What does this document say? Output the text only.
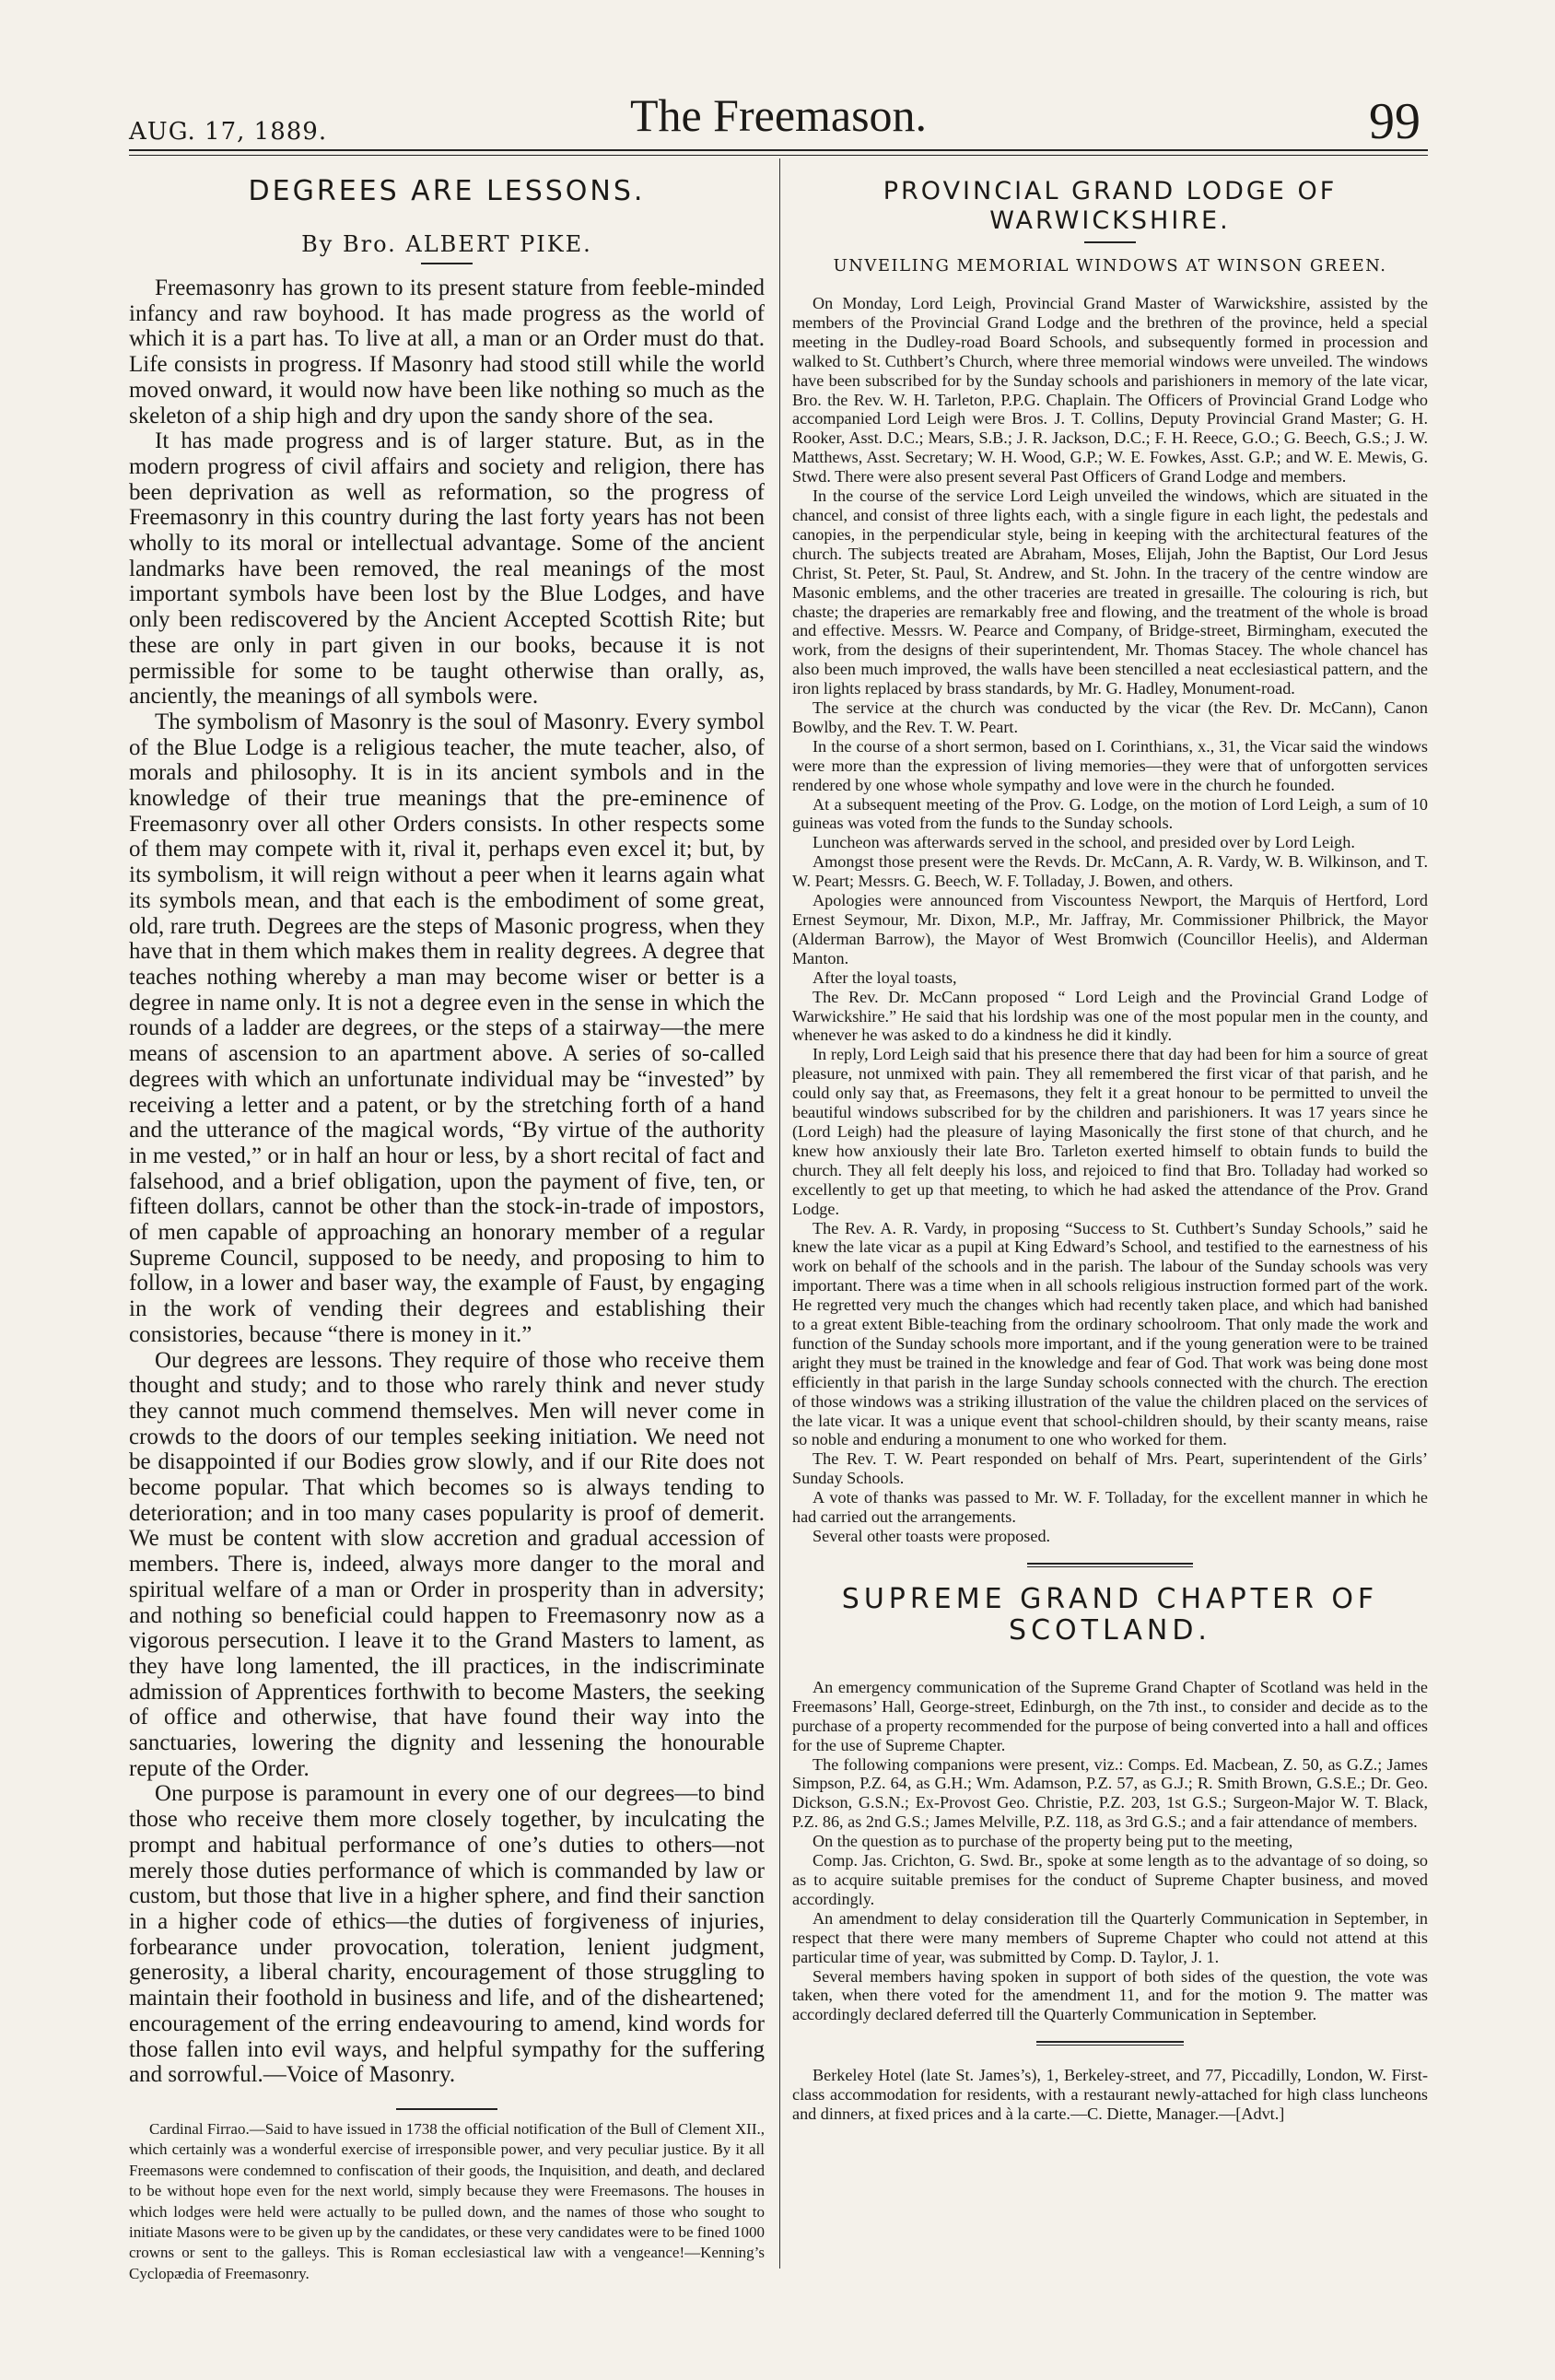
AUG. 17, 1889.	The Freemason.	99
DEGREES ARE LESSONS.
By Bro. ALBERT PIKE.

Freemasonry has grown to its present stature from feeble-minded infancy and raw boyhood. It has made progress as the world of which it is a part has. To live at all, a man or an Order must do that. Life consists in progress. If Masonry had stood still while the world moved onward, it would now have been like nothing so much as the skeleton of a ship high and dry upon the sandy shore of the sea.

It has made progress and is of larger stature. But, as in the modern progress of civil affairs and society and religion, there has been deprivation as well as reformation, so the progress of Freemasonry in this country during the last forty years has not been wholly to its moral or intellectual advantage. Some of the ancient landmarks have been removed, the real meanings of the most important symbols have been lost by the Blue Lodges, and have only been rediscovered by the Ancient Accepted Scottish Rite; but these are only in part given in our books, because it is not permissible for some to be taught otherwise than orally, as, anciently, the meanings of all symbols were.

The symbolism of Masonry is the soul of Masonry. Every symbol of the Blue Lodge is a religious teacher, the mute teacher, also, of morals and philosophy. It is in its ancient symbols and in the knowledge of their true meanings that the pre-eminence of Freemasonry over all other Orders consists. In other respects some of them may compete with it, rival it, perhaps even excel it; but, by its symbolism, it will reign without a peer when it learns again what its symbols mean, and that each is the embodiment of some great, old, rare truth. Degrees are the steps of Masonic progress, when they have that in them which makes them in reality degrees. A degree that teaches nothing whereby a man may become wiser or better is a degree in name only. It is not a degree even in the sense in which the rounds of a ladder are degrees, or the steps of a stairway—the mere means of ascension to an apartment above. A series of so-called degrees with which an unfortunate individual may be “invested” by receiving a letter and a patent, or by the stretching forth of a hand and the utterance of the magical words, “By virtue of the authority in me vested,” or in half an hour or less, by a short recital of fact and falsehood, and a brief obligation, upon the payment of five, ten, or fifteen dollars, cannot be other than the stock-in-trade of impostors, of men capable of approaching an honorary member of a regular Supreme Council, supposed to be needy, and proposing to him to follow, in a lower and baser way, the example of Faust, by engaging in the work of vending their degrees and establishing their consistories, because “there is money in it.”

Our degrees are lessons. They require of those who receive them thought and study; and to those who rarely think and never study they cannot much commend themselves. Men will never come in crowds to the doors of our temples seeking initiation. We need not be disappointed if our Bodies grow slowly, and if our Rite does not become popular. That which becomes so is always tending to deterioration; and in too many cases popularity is proof of demerit. We must be content with slow accretion and gradual accession of members. There is, indeed, always more danger to the moral and spiritual welfare of a man or Order in prosperity than in adversity; and nothing so beneficial could happen to Freemasonry now as a vigorous persecution. I leave it to the Grand Masters to lament, as they have long lamented, the ill practices, in the indiscriminate admission of Apprentices forthwith to become Masters, the seeking of office and otherwise, that have found their way into the sanctuaries, lowering the dignity and lessening the honourable repute of the Order.

One purpose is paramount in every one of our degrees—to bind those who receive them more closely together, by inculcating the prompt and habitual performance of one’s duties to others—not merely those duties performance of which is commanded by law or custom, but those that live in a higher sphere, and find their sanction in a higher code of ethics—the duties of forgiveness of injuries, forbearance under provocation, toleration, lenient judgment, generosity, a liberal charity, encouragement of those struggling to maintain their foothold in business and life, and of the disheartened; encouragement of the erring endeavouring to amend, kind words for those fallen into evil ways, and helpful sympathy for the suffering and sorrowful.—Voice of Masonry.

Cardinal Firrao.—Said to have issued in 1738 the official notification of the Bull of Clement XII., which certainly was a wonderful exercise of irresponsible power, and very peculiar justice. By it all Freemasons were condemned to confiscation of their goods, the Inquisition, and death, and declared to be without hope even for the next world, simply because they were Freemasons. The houses in which lodges were held were actually to be pulled down, and the names of those who sought to initiate Masons were to be given up by the candidates, or these very candidates were to be fined 1000 crowns or sent to the galleys. This is Roman ecclesiastical law with a vengeance!—Kenning’s Cyclopædia of Freemasonry.

PROVINCIAL GRAND LODGE OF WARWICKSHIRE.
UNVEILING MEMORIAL WINDOWS AT WINSON GREEN.

On Monday, Lord Leigh, Provincial Grand Master of Warwickshire, assisted by the members of the Provincial Grand Lodge and the brethren of the province, held a special meeting in the Dudley-road Board Schools, and subsequently formed in procession and walked to St. Cuthbert’s Church, where three memorial windows were unveiled. The windows have been subscribed for by the Sunday schools and parishioners in memory of the late vicar, Bro. the Rev. W. H. Tarleton, P.P.G. Chaplain. The Officers of Provincial Grand Lodge who accompanied Lord Leigh were Bros. J. T. Collins, Deputy Provincial Grand Master; G. H. Rooker, Asst. D.C.; Mears, S.B.; J. R. Jackson, D.C.; F. H. Reece, G.O.; G. Beech, G.S.; J. W. Matthews, Asst. Secretary; W. H. Wood, G.P.; W. E. Fowkes, Asst. G.P.; and W. E. Mewis, G. Stwd. There were also present several Past Officers of Grand Lodge and members.

In the course of the service Lord Leigh unveiled the windows, which are situated in the chancel, and consist of three lights each, with a single figure in each light, the pedestals and canopies, in the perpendicular style, being in keeping with the architectural features of the church. The subjects treated are Abraham, Moses, Elijah, John the Baptist, Our Lord Jesus Christ, St. Peter, St. Paul, St. Andrew, and St. John. In the tracery of the centre window are Masonic emblems, and the other traceries are treated in gresaille. The colouring is rich, but chaste; the draperies are remarkably free and flowing, and the treatment of the whole is broad and effective. Messrs. W. Pearce and Company, of Bridge-street, Birmingham, executed the work, from the designs of their superintendent, Mr. Thomas Stacey. The whole chancel has also been much improved, the walls have been stencilled a neat ecclesiastical pattern, and the iron lights replaced by brass standards, by Mr. G. Hadley, Monument-road.

The service at the church was conducted by the vicar (the Rev. Dr. McCann), Canon Bowlby, and the Rev. T. W. Peart.

In the course of a short sermon, based on I. Corinthians, x., 31, the Vicar said the windows were more than the expression of living memories—they were that of unforgotten services rendered by one whose whole sympathy and love were in the church he founded.

At a subsequent meeting of the Prov. G. Lodge, on the motion of Lord Leigh, a sum of 10 guineas was voted from the funds to the Sunday schools.

Luncheon was afterwards served in the school, and presided over by Lord Leigh.

Amongst those present were the Revds. Dr. McCann, A. R. Vardy, W. B. Wilkinson, and T. W. Peart; Messrs. G. Beech, W. F. Tolladay, J. Bowen, and others.

Apologies were announced from Viscountess Newport, the Marquis of Hertford, Lord Ernest Seymour, Mr. Dixon, M.P., Mr. Jaffray, Mr. Commissioner Philbrick, the Mayor (Alderman Barrow), the Mayor of West Bromwich (Councillor Heelis), and Alderman Manton.

After the loyal toasts,

The Rev. Dr. McCann proposed “ Lord Leigh and the Provincial Grand Lodge of Warwickshire.” He said that his lordship was one of the most popular men in the county, and whenever he was asked to do a kindness he did it kindly.

In reply, Lord Leigh said that his presence there that day had been for him a source of great pleasure, not unmixed with pain. They all remembered the first vicar of that parish, and he could only say that, as Freemasons, they felt it a great honour to be permitted to unveil the beautiful windows subscribed for by the children and parishioners. It was 17 years since he (Lord Leigh) had the pleasure of laying Masonically the first stone of that church, and he knew how anxiously their late Bro. Tarleton exerted himself to obtain funds to build the church. They all felt deeply his loss, and rejoiced to find that Bro. Tolladay had worked so excellently to get up that meeting, to which he had asked the attendance of the Prov. Grand Lodge.

The Rev. A. R. Vardy, in proposing “Success to St. Cuthbert’s Sunday Schools,” said he knew the late vicar as a pupil at King Edward’s School, and testified to the earnestness of his work on behalf of the schools and in the parish. The labour of the Sunday schools was very important. There was a time when in all schools religious instruction formed part of the work. He regretted very much the changes which had recently taken place, and which had banished to a great extent Bible-teaching from the ordinary schoolroom. That only made the work and function of the Sunday schools more important, and if the young generation were to be trained aright they must be trained in the knowledge and fear of God. That work was being done most efficiently in that parish in the large Sunday schools connected with the church. The erection of those windows was a striking illustration of the value the children placed on the services of the late vicar. It was a unique event that school-children should, by their scanty means, raise so noble and enduring a monument to one who worked for them.

The Rev. T. W. Peart responded on behalf of Mrs. Peart, superintendent of the Girls’ Sunday Schools.

A vote of thanks was passed to Mr. W. F. Tolladay, for the excellent manner in which he had carried out the arrangements.

Several other toasts were proposed.

SUPREME GRAND CHAPTER OF SCOTLAND.

An emergency communication of the Supreme Grand Chapter of Scotland was held in the Freemasons’ Hall, George-street, Edinburgh, on the 7th inst., to consider and decide as to the purchase of a property recommended for the purpose of being converted into a hall and offices for the use of Supreme Chapter.

The following companions were present, viz.: Comps. Ed. Macbean, Z. 50, as G.Z.; James Simpson, P.Z. 64, as G.H.; Wm. Adamson, P.Z. 57, as G.J.; R. Smith Brown, G.S.E.; Dr. Geo. Dickson, G.S.N.; Ex-Provost Geo. Christie, P.Z. 203, 1st G.S.; Surgeon-Major W. T. Black, P.Z. 86, as 2nd G.S.; James Melville, P.Z. 118, as 3rd G.S.; and a fair attendance of members.

On the question as to purchase of the property being put to the meeting,

Comp. Jas. Crichton, G. Swd. Br., spoke at some length as to the advantage of so doing, so as to acquire suitable premises for the conduct of Supreme Chapter business, and moved accordingly.

An amendment to delay consideration till the Quarterly Communication in September, in respect that there were many members of Supreme Chapter who could not attend at this particular time of year, was submitted by Comp. D. Taylor, J. 1.

Several members having spoken in support of both sides of the question, the vote was taken, when there voted for the amendment 11, and for the motion 9. The matter was accordingly declared deferred till the Quarterly Communication in September.

Berkeley Hotel (late St. James’s), 1, Berkeley-street, and 77, Piccadilly, London, W. First-class accommodation for residents, with a restaurant newly-attached for high class luncheons and dinners, at fixed prices and à la carte.—C. Diette, Manager.—[Advt.]
